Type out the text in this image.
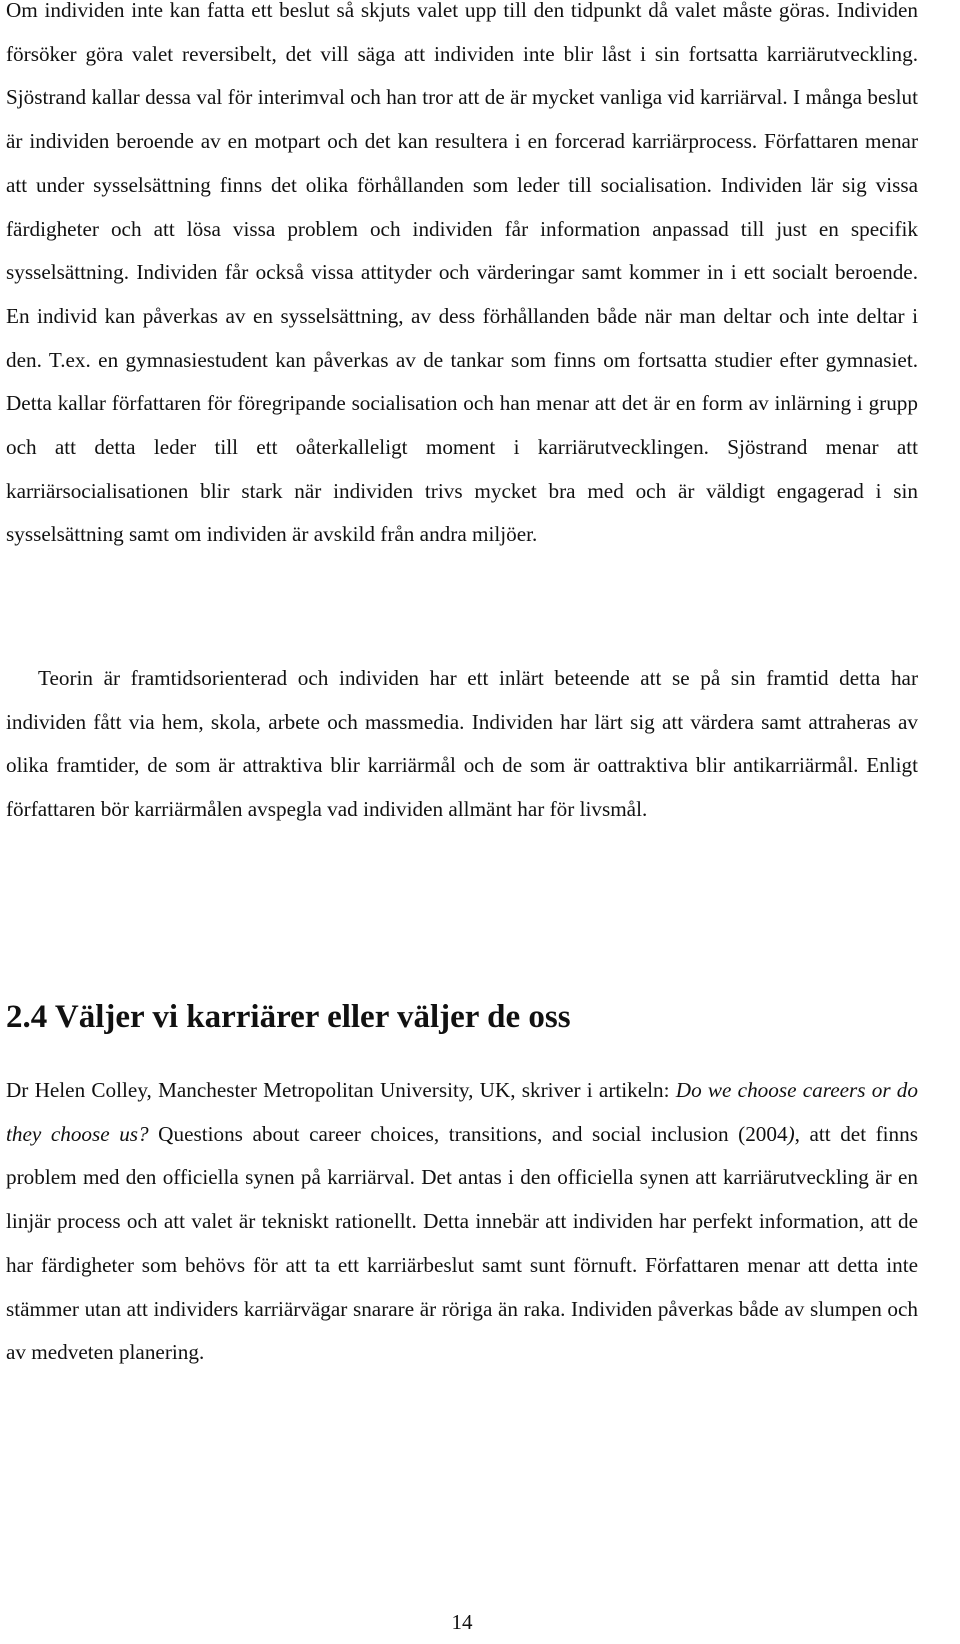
Om individen inte kan fatta ett beslut så skjuts valet upp till den tidpunkt då valet måste göras. Individen försöker göra valet reversibelt, det vill säga att individen inte blir låst i sin fortsatta karriärutveckling. Sjöstrand kallar dessa val för interimval och han tror att de är mycket vanliga vid karriärval. I många beslut är individen beroende av en motpart och det kan resultera i en forcerad karriärprocess. Författaren menar att under sysselsättning finns det olika förhållanden som leder till socialisation. Individen lär sig vissa färdigheter och att lösa vissa problem och individen får information anpassad till just en specifik sysselsättning. Individen får också vissa attityder och värderingar samt kommer in i ett socialt beroende. En individ kan påverkas av en sysselsättning, av dess förhållanden både när man deltar och inte deltar i den. T.ex. en gymnasiestudent kan påverkas av de tankar som finns om fortsatta studier efter gymnasiet. Detta kallar författaren för föregripande socialisation och han menar att det är en form av inlärning i grupp och att detta leder till ett oåterkalleligt moment i karriärutvecklingen. Sjöstrand menar att karriärsocialisationen blir stark när individen trivs mycket bra med och är väldigt engagerad i sin sysselsättning samt om individen är avskild från andra miljöer.

Teorin är framtidsorienterad och individen har ett inlärt beteende att se på sin framtid detta har individen fått via hem, skola, arbete och massmedia. Individen har lärt sig att värdera samt attraheras av olika framtider, de som är attraktiva blir karriärmål och de som är oattraktiva blir antikarriärmål. Enligt författaren bör karriärmålen avspegla vad individen allmänt har för livsmål.

2.4 Väljer vi karriärer eller väljer de oss

Dr Helen Colley, Manchester Metropolitan University, UK, skriver i artikeln: Do we choose careers or do they choose us? Questions about career choices, transitions, and social inclusion (2004), att det finns problem med den officiella synen på karriärval. Det antas i den officiella synen att karriärutveckling är en linjär process och att valet är tekniskt rationellt. Detta innebär att individen har perfekt information, att de har färdigheter som behövs för att ta ett karriärbeslut samt sunt förnuft. Författaren menar att detta inte stämmer utan att individers karriärvägar snarare är röriga än raka. Individen påverkas både av slumpen och av medveten planering.

14
